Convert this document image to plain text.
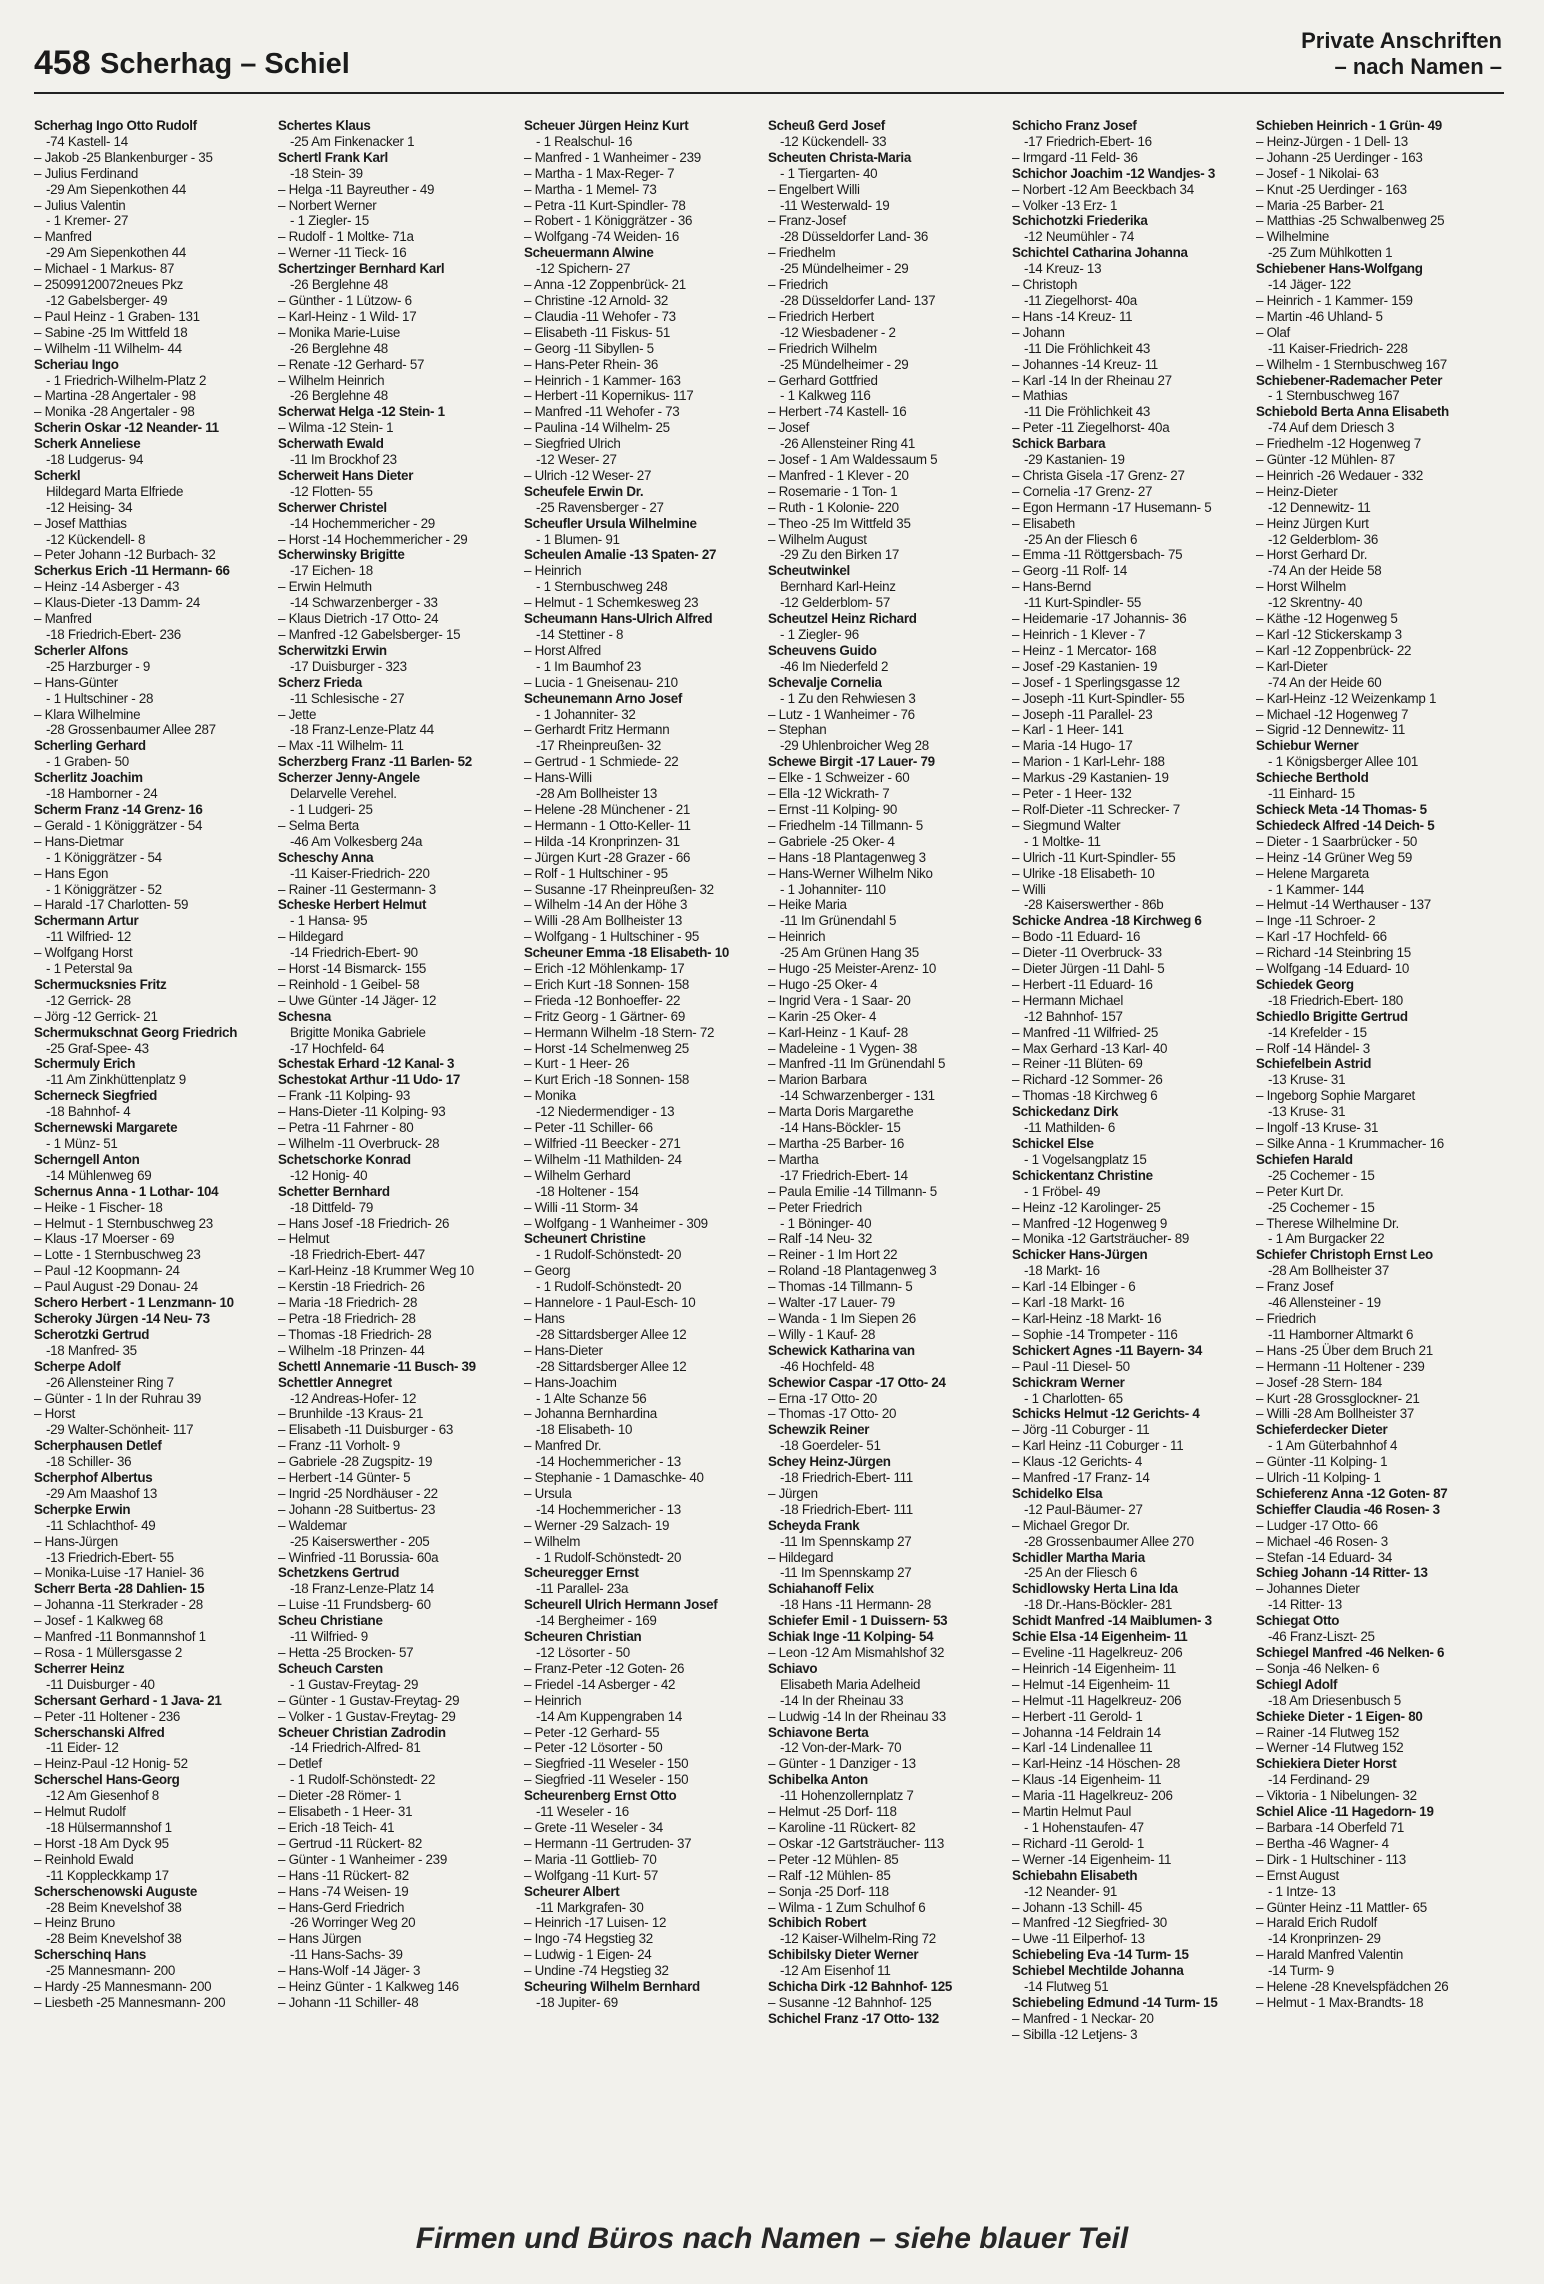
458 Scherhag – Schiel
Private Anschriften
– nach Namen –
Scherhag Ingo Otto Rudolf
-74 Kastell- 14
– Jakob -25 Blankenburger - 35
– Julius Ferdinand
-29 Am Siepenkothen 44
– Julius Valentin
- 1 Kremer- 27
– Manfred
-29 Am Siepenkothen 44
– Michael - 1 Markus- 87
– 25099120072neues Pkz
-12 Gabelsberger- 49
– Paul Heinz - 1 Graben- 131
– Sabine -25 Im Wittfeld 18
– Wilhelm -11 Wilhelm- 44
Scheriau Ingo
- 1 Friedrich-Wilhelm-Platz 2
– Martina -28 Angertaler - 98
– Monika -28 Angertaler - 98
Scherin Oskar -12 Neander- 11
Scherk Anneliese
-18 Ludgerus- 94
Scherkl
Hildegard Marta Elfriede
-12 Heising- 34
– Josef Matthias
-12 Kückendell- 8
– Peter Johann -12 Burbach- 32
Scherkus Erich -11 Hermann- 66
– Heinz -14 Asberger - 43
– Klaus-Dieter -13 Damm- 24
– Manfred
-18 Friedrich-Ebert- 236
Scherler Alfons
-25 Harzburger - 9
– Hans-Günter
- 1 Hultschiner - 28
– Klara Wilhelmine
-28 Grossenbaumer Allee 287
Scherling Gerhard
- 1 Graben- 50
Scherlitz Joachim
-18 Hamborner - 24
Scherm Franz -14 Grenz- 16
– Gerald - 1 Königgrätzer - 54
– Hans-Dietmar
- 1 Königgrätzer - 54
– Hans Egon
- 1 Königgrätzer - 52
– Harald -17 Charlotten- 59
Schermann Artur
-11 Wilfried- 12
– Wolfgang Horst
- 1 Peterstal 9a
Schermucksnies Fritz
-12 Gerrick- 28
– Jörg -12 Gerrick- 21
Schermukschnat Georg Friedrich
-25 Graf-Spee- 43
Schermuly Erich
-11 Am Zinkhüttenplatz 9
Scherneck Siegfried
-18 Bahnhof- 4
Schernewski Margarete
- 1 Münz- 51
Scherngell Anton
-14 Mühlenweg 69
Schernus Anna - 1 Lothar- 104
– Heike - 1 Fischer- 18
– Helmut - 1 Sternbuschweg 23
– Klaus -17 Moerser - 69
– Lotte - 1 Sternbuschweg 23
– Paul -12 Koopmann- 24
– Paul August -29 Donau- 24
Schero Herbert - 1 Lenzmann- 10
Scheroky Jürgen -14 Neu- 73
Scherotzki Gertrud
-18 Manfred- 35
Scherpe Adolf
-26 Allensteiner Ring 7
– Günter - 1 In der Ruhrau 39
– Horst
-29 Walter-Schönheit- 117
Scherphausen Detlef
-18 Schiller- 36
Scherphof Albertus
-29 Am Maashof 13
Scherpke Erwin
-11 Schlachthof- 49
– Hans-Jürgen
-13 Friedrich-Ebert- 55
– Monika-Luise -17 Haniel- 36
Scherr Berta -28 Dahlien- 15
– Johanna -11 Sterkrader - 28
– Josef - 1 Kalkweg 68
– Manfred -11 Bonmannshof 1
– Rosa - 1 Müllersgasse 2
Scherrer Heinz
-11 Duisburger - 40
Schersant Gerhard - 1 Java- 21
– Peter -11 Holtener - 236
Scherschanski Alfred
-11 Eider- 12
– Heinz-Paul -12 Honig- 52
Scherschel Hans-Georg
-12 Am Giesenhof 8
– Helmut Rudolf
-18 Hülsermannshof 1
– Horst -18 Am Dyck 95
– Reinhold Ewald
-11 Koppleckkamp 17
Scherschenowski Auguste
-28 Beim Knevelshof 38
– Heinz Bruno
-28 Beim Knevelshof 38
Scherschinq Hans
-25 Mannesmann- 200
– Hardy -25 Mannesmann- 200
– Liesbeth -25 Mannesmann- 200
Schertes Klaus
-25 Am Finkenacker 1
Schertl Frank Karl
-18 Stein- 39
– Helga -11 Bayreuther - 49
– Norbert Werner
- 1 Ziegler- 15
– Rudolf - 1 Moltke- 71a
– Werner -11 Tieck- 16
Schertzinger Bernhard Karl
-26 Berglehne 48
– Günther - 1 Lützow- 6
– Karl-Heinz - 1 Wild- 17
– Monika Marie-Luise
-26 Berglehne 48
– Renate -12 Gerhard- 57
– Wilhelm Heinrich
-26 Berglehne 48
Scherwat Helga -12 Stein- 1
– Wilma -12 Stein- 1
Scherwath Ewald
-11 Im Brockhof 23
Scherweit Hans Dieter
-12 Flotten- 55
Scherwer Christel
-14 Hochemmericher - 29
– Horst -14 Hochemmericher - 29
Scherwinsky Brigitte
-17 Eichen- 18
– Erwin Helmuth
-14 Schwarzenberger - 33
– Klaus Dietrich -17 Otto- 24
– Manfred -12 Gabelsberger- 15
Scherwitzki Erwin
-17 Duisburger - 323
Scherz Frieda
-11 Schlesische - 27
– Jette
-18 Franz-Lenze-Platz 44
– Max -11 Wilhelm- 11
Scherzberg Franz -11 Barlen- 52
Scherzer Jenny-Angele
Delarvelle Verehel.
- 1 Ludgeri- 25
– Selma Berta
-46 Am Volkesberg 24a
Scheschy Anna
-11 Kaiser-Friedrich- 220
– Rainer -11 Gestermann- 3
Scheske Herbert Helmut
- 1 Hansa- 95
– Hildegard
-14 Friedrich-Ebert- 90
– Horst -14 Bismarck- 155
– Reinhold - 1 Geibel- 58
– Uwe Günter -14 Jäger- 12
Schesna
Brigitte Monika Gabriele
-17 Hochfeld- 64
Schestak Erhard -12 Kanal- 3
Schestokat Arthur -11 Udo- 17
– Frank -11 Kolping- 93
– Hans-Dieter -11 Kolping- 93
– Petra -11 Fahrner - 80
– Wilhelm -11 Overbruck- 28
Schetschorke Konrad
-12 Honig- 40
Schetter Bernhard
-18 Dittfeld- 79
– Hans Josef -18 Friedrich- 26
– Helmut
-18 Friedrich-Ebert- 447
– Karl-Heinz -18 Krummer Weg 10
– Kerstin -18 Friedrich- 26
– Maria -18 Friedrich- 28
– Petra -18 Friedrich- 28
– Thomas -18 Friedrich- 28
– Wilhelm -18 Prinzen- 44
Schettl Annemarie -11 Busch- 39
Schettler Annegret
-12 Andreas-Hofer- 12
– Brunhilde -13 Kraus- 21
– Elisabeth -11 Duisburger - 63
– Franz -11 Vorholt- 9
– Gabriele -28 Zugspitz- 19
– Herbert -14 Günter- 5
– Ingrid -25 Nordhäuser - 22
– Johann -28 Suitbertus- 23
– Waldemar
-25 Kaiserswerther - 205
– Winfried -11 Borussia- 60a
Schetzkens Gertrud
-18 Franz-Lenze-Platz 14
– Luise -11 Frundsberg- 60
Scheu Christiane
-11 Wilfried- 9
– Hetta -25 Brocken- 57
Scheuch Carsten
- 1 Gustav-Freytag- 29
– Günter - 1 Gustav-Freytag- 29
– Volker - 1 Gustav-Freytag- 29
Scheuer Christian Zadrodin
-14 Friedrich-Alfred- 81
– Detlef
- 1 Rudolf-Schönstedt- 22
– Dieter -28 Römer- 1
– Elisabeth - 1 Heer- 31
– Erich -18 Teich- 41
– Gertrud -11 Rückert- 82
– Günter - 1 Wanheimer - 239
– Hans -11 Rückert- 82
– Hans -74 Weisen- 19
– Hans-Gerd Friedrich
-26 Worringer Weg 20
– Hans Jürgen
-11 Hans-Sachs- 39
– Hans-Wolf -14 Jäger- 3
– Heinz Günter - 1 Kalkweg 146
– Johann -11 Schiller- 48
Scheuer Jürgen Heinz Kurt
- 1 Realschul- 16
– Manfred - 1 Wanheimer - 239
– Martha - 1 Max-Reger- 7
– Martha - 1 Memel- 73
– Petra -11 Kurt-Spindler- 78
– Robert - 1 Königgrätzer - 36
– Wolfgang -74 Weiden- 16
Scheuermann Alwine
-12 Spichern- 27
– Anna -12 Zoppenbrück- 21
– Christine -12 Arnold- 32
– Claudia -11 Wehofer - 73
– Elisabeth -11 Fiskus- 51
– Georg -11 Sibyllen- 5
– Hans-Peter Rhein- 36
– Heinrich - 1 Kammer- 163
– Herbert -11 Kopernikus- 117
– Manfred -11 Wehofer - 73
– Paulina -14 Wilhelm- 25
– Siegfried Ulrich
-12 Weser- 27
– Ulrich -12 Weser- 27
Scheufele Erwin Dr.
-25 Ravensberger - 27
Scheufler Ursula Wilhelmine
- 1 Blumen- 91
Scheulen Amalie -13 Spaten- 27
– Heinrich
- 1 Sternbuschweg 248
– Helmut - 1 Schemkesweg 23
Scheumann Hans-Ulrich Alfred
-14 Stettiner - 8
– Horst Alfred
- 1 Im Baumhof 23
– Lucia - 1 Gneisenau- 210
Scheunemann Arno Josef
- 1 Johanniter- 32
– Gerhardt Fritz Hermann
-17 Rheinpreußen- 32
– Gertrud - 1 Schmiede- 22
– Hans-Willi
-28 Am Bollheister 13
– Helene -28 Münchener - 21
– Hermann - 1 Otto-Keller- 11
– Hilda -14 Kronprinzen- 31
– Jürgen Kurt -28 Grazer - 66
– Rolf - 1 Hultschiner - 95
– Susanne -17 Rheinpreußen- 32
– Wilhelm -14 An der Höhe 3
– Willi -28 Am Bollheister 13
– Wolfgang - 1 Hultschiner - 95
Scheuner Emma -18 Elisabeth- 10
– Erich -12 Möhlenkamp- 17
– Erich Kurt -18 Sonnen- 158
– Frieda -12 Bonhoeffer- 22
– Fritz Georg - 1 Gärtner- 69
– Hermann Wilhelm -18 Stern- 72
– Horst -14 Schelmenweg 25
– Kurt - 1 Heer- 26
– Kurt Erich -18 Sonnen- 158
– Monika
-12 Niedermendiger - 13
– Peter -11 Schiller- 66
– Wilfried -11 Beecker - 271
– Wilhelm -11 Mathilden- 24
– Wilhelm Gerhard
-18 Holtener - 154
– Willi -11 Storm- 34
– Wolfgang - 1 Wanheimer - 309
Scheunert Christine
- 1 Rudolf-Schönstedt- 20
– Georg
- 1 Rudolf-Schönstedt- 20
– Hannelore - 1 Paul-Esch- 10
– Hans
-28 Sittardsberger Allee 12
– Hans-Dieter
-28 Sittardsberger Allee 12
– Hans-Joachim
- 1 Alte Schanze 56
– Johanna Bernhardina
-18 Elisabeth- 10
– Manfred Dr.
-14 Hochemmericher - 13
– Stephanie - 1 Damaschke- 40
– Ursula
-14 Hochemmericher - 13
– Werner -29 Salzach- 19
– Wilhelm
- 1 Rudolf-Schönstedt- 20
Scheuregger Ernst
-11 Parallel- 23a
Scheurell Ulrich Hermann Josef
-14 Bergheimer - 169
Scheuren Christian
-12 Lösorter - 50
– Franz-Peter -12 Goten- 26
– Friedel -14 Asberger - 42
– Heinrich
-14 Am Kuppengraben 14
– Peter -12 Gerhard- 55
– Peter -12 Lösorter - 50
– Siegfried -11 Weseler - 150
– Siegfried -11 Weseler - 150
Scheurenberg Ernst Otto
-11 Weseler - 16
– Grete -11 Weseler - 34
– Hermann -11 Gertruden- 37
– Maria -11 Gottlieb- 70
– Wolfgang -11 Kurt- 57
Scheurer Albert
-11 Markgrafen- 30
– Heinrich -17 Luisen- 12
– Ingo -74 Hegstieg 32
– Ludwig - 1 Eigen- 24
– Undine -74 Hegstieg 32
Scheuring Wilhelm Bernhard
-18 Jupiter- 69
Scheuß Gerd Josef
-12 Kückendell- 33
Scheuten Christa-Maria
- 1 Tiergarten- 40
– Engelbert Willi
-11 Westerwald- 19
– Franz-Josef
-28 Düsseldorfer Land- 36
– Friedhelm
-25 Mündelheimer - 29
– Friedrich
-28 Düsseldorfer Land- 137
– Friedrich Herbert
-12 Wiesbadener - 2
– Friedrich Wilhelm
-25 Mündelheimer - 29
– Gerhard Gottfried
- 1 Kalkweg 116
– Herbert -74 Kastell- 16
– Josef
-26 Allensteiner Ring 41
– Josef - 1 Am Waldessaum 5
– Manfred - 1 Klever - 20
– Rosemarie - 1 Ton- 1
– Ruth - 1 Kolonie- 220
– Theo -25 Im Wittfeld 35
– Wilhelm August
-29 Zu den Birken 17
Scheutwinkel
Bernhard Karl-Heinz
-12 Gelderblom- 57
Scheutzel Heinz Richard
- 1 Ziegler- 96
Scheuvens Guido
-46 Im Niederfeld 2
Schevalje Cornelia
- 1 Zu den Rehwiesen 3
– Lutz - 1 Wanheimer - 76
– Stephan
-29 Uhlenbroicher Weg 28
Schewe Birgit -17 Lauer- 79
– Elke - 1 Schweizer - 60
– Ella -12 Wickrath- 7
– Ernst -11 Kolping- 90
– Friedhelm -14 Tillmann- 5
– Gabriele -25 Oker- 4
– Hans -18 Plantagenweg 3
– Hans-Werner Wilhelm Niko
- 1 Johanniter- 110
– Heike Maria
-11 Im Grünendahl 5
– Heinrich
-25 Am Grünen Hang 35
– Hugo -25 Meister-Arenz- 10
– Hugo -25 Oker- 4
– Ingrid Vera - 1 Saar- 20
– Karin -25 Oker- 4
– Karl-Heinz - 1 Kauf- 28
– Madeleine - 1 Vygen- 38
– Manfred -11 Im Grünendahl 5
– Marion Barbara
-14 Schwarzenberger - 131
– Marta Doris Margarethe
-14 Hans-Böckler- 15
– Martha -25 Barber- 16
– Martha
-17 Friedrich-Ebert- 14
– Paula Emilie -14 Tillmann- 5
– Peter Friedrich
- 1 Böninger- 40
– Ralf -14 Neu- 32
– Reiner - 1 Im Hort 22
– Roland -18 Plantagenweg 3
– Thomas -14 Tillmann- 5
– Walter -17 Lauer- 79
– Wanda - 1 Im Siepen 26
– Willy - 1 Kauf- 28
Schewick Katharina van
-46 Hochfeld- 48
Schewior Caspar -17 Otto- 24
– Erna -17 Otto- 20
– Thomas -17 Otto- 20
Schewzik Reiner
-18 Goerdeler- 51
Schey Heinz-Jürgen
-18 Friedrich-Ebert- 111
– Jürgen
-18 Friedrich-Ebert- 111
Scheyda Frank
-11 Im Spennskamp 27
– Hildegard
-11 Im Spennskamp 27
Schiahanoff Felix
-18 Hans -11 Hermann- 28
Schiefer Emil - 1 Duissern- 53
Schiak Inge -11 Kolping- 54
– Leon -12 Am Mismahlshof 32
Schiavo
Elisabeth Maria Adelheid
-14 In der Rheinau 33
– Ludwig -14 In der Rheinau 33
Schiavone Berta
-12 Von-der-Mark- 70
– Günter - 1 Danziger - 13
Schibelka Anton
-11 Hohenzollernplatz 7
– Helmut -25 Dorf- 118
– Karoline -11 Rückert- 82
– Oskar -12 Gartsträucher- 113
– Peter -12 Mühlen- 85
– Ralf -12 Mühlen- 85
– Sonja -25 Dorf- 118
– Wilma - 1 Zum Schulhof 6
Schibich Robert
-12 Kaiser-Wilhelm-Ring 72
Schibilsky Dieter Werner
-12 Am Eisenhof 11
Schicha Dirk -12 Bahnhof- 125
– Susanne -12 Bahnhof- 125
Schichel Franz -17 Otto- 132
Schicho Franz Josef
-17 Friedrich-Ebert- 16
– Irmgard -11 Feld- 36
Schichor Joachim -12 Wandjes- 3
– Norbert -12 Am Beeckbach 34
– Volker -13 Erz- 1
Schichotzki Friederika
-12 Neumühler - 74
Schichtel Catharina Johanna
-14 Kreuz- 13
– Christoph
-11 Ziegelhorst- 40a
– Hans -14 Kreuz- 11
– Johann
-11 Die Fröhlichkeit 43
– Johannes -14 Kreuz- 11
– Karl -14 In der Rheinau 27
– Mathias
-11 Die Fröhlichkeit 43
– Peter -11 Ziegelhorst- 40a
Schick Barbara
-29 Kastanien- 19
– Christa Gisela -17 Grenz- 27
– Cornelia -17 Grenz- 27
– Egon Hermann -17 Husemann- 5
– Elisabeth
-25 An der Fliesch 6
– Emma -11 Röttgersbach- 75
– Georg -11 Rolf- 14
– Hans-Bernd
-11 Kurt-Spindler- 55
– Heidemarie -17 Johannis- 36
– Heinrich - 1 Klever - 7
– Heinz - 1 Mercator- 168
– Josef -29 Kastanien- 19
– Josef - 1 Sperlingsgasse 12
– Joseph -11 Kurt-Spindler- 55
– Joseph -11 Parallel- 23
– Karl - 1 Heer- 141
– Maria -14 Hugo- 17
– Marion - 1 Karl-Lehr- 188
– Markus -29 Kastanien- 19
– Peter - 1 Heer- 132
– Rolf-Dieter -11 Schrecker- 7
– Siegmund Walter
- 1 Moltke- 11
– Ulrich -11 Kurt-Spindler- 55
– Ulrike -18 Elisabeth- 10
– Willi
-28 Kaiserswerther - 86b
Schicke Andrea -18 Kirchweg 6
– Bodo -11 Eduard- 16
– Dieter -11 Overbruck- 33
– Dieter Jürgen -11 Dahl- 5
– Herbert -11 Eduard- 16
– Hermann Michael
-12 Bahnhof- 157
– Manfred -11 Wilfried- 25
– Max Gerhard -13 Karl- 40
– Reiner -11 Blüten- 69
– Richard -12 Sommer- 26
– Thomas -18 Kirchweg 6
Schickedanz Dirk
-11 Mathilden- 6
Schickel Else
- 1 Vogelsangplatz 15
Schickentanz Christine
- 1 Fröbel- 49
– Heinz -12 Karolinger- 25
– Manfred -12 Hogenweg 9
– Monika -12 Gartsträucher- 89
Schicker Hans-Jürgen
-18 Markt- 16
– Karl -14 Elbinger - 6
– Karl -18 Markt- 16
– Karl-Heinz -18 Markt- 16
– Sophie -14 Trompeter - 116
Schickert Agnes -11 Bayern- 34
– Paul -11 Diesel- 50
Schickram Werner
- 1 Charlotten- 65
Schicks Helmut -12 Gerichts- 4
– Jörg -11 Coburger - 11
– Karl Heinz -11 Coburger - 11
– Klaus -12 Gerichts- 4
– Manfred -17 Franz- 14
Schidelko Elsa
-12 Paul-Bäumer- 27
– Michael Gregor Dr.
-28 Grossenbaumer Allee 270
Schidler Martha Maria
-25 An der Fliesch 6
Schidlowsky Herta Lina Ida
-18 Dr.-Hans-Böckler- 281
Schidt Manfred -14 Maiblumen- 3
Schie Elsa -14 Eigenheim- 11
– Eveline -11 Hagelkreuz- 206
– Heinrich -14 Eigenheim- 11
– Helmut -14 Eigenheim- 11
– Helmut -11 Hagelkreuz- 206
– Herbert -11 Gerold- 1
– Johanna -14 Feldrain 14
– Karl -14 Lindenallee 11
– Karl-Heinz -14 Höschen- 28
– Klaus -14 Eigenheim- 11
– Maria -11 Hagelkreuz- 206
– Martin Helmut Paul
- 1 Hohenstaufen- 47
– Richard -11 Gerold- 1
– Werner -14 Eigenheim- 11
Schiebahn Elisabeth
-12 Neander- 91
– Johann -13 Schill- 45
– Manfred -12 Siegfried- 30
– Uwe -11 Eilperhof- 13
Schiebeling Eva -14 Turm- 15
Schiebel Mechtilde Johanna
-14 Flutweg 51
Schiebeling Edmund -14 Turm- 15
– Manfred - 1 Neckar- 20
– Sibilla -12 Letjens- 3
Schieben Heinrich - 1 Grün- 49
– Heinz-Jürgen - 1 Dell- 13
– Johann -25 Uerdinger - 163
– Josef - 1 Nikolai- 63
– Knut -25 Uerdinger - 163
– Maria -25 Barber- 21
– Matthias -25 Schwalbenweg 25
– Wilhelmine
-25 Zum Mühlkotten 1
Schiebener Hans-Wolfgang
-14 Jäger- 122
– Heinrich - 1 Kammer- 159
– Martin -46 Uhland- 5
– Olaf
-11 Kaiser-Friedrich- 228
– Wilhelm - 1 Sternbuschweg 167
Schiebener-Rademacher Peter
- 1 Sternbuschweg 167
Schiebold Berta Anna Elisabeth
-74 Auf dem Driesch 3
– Friedhelm -12 Hogenweg 7
– Günter -12 Mühlen- 87
– Heinrich -26 Wedauer - 332
– Heinz-Dieter
-12 Dennewitz- 11
– Heinz Jürgen Kurt
-12 Gelderblom- 36
– Horst Gerhard Dr.
-74 An der Heide 58
– Horst Wilhelm
-12 Skrentny- 40
– Käthe -12 Hogenweg 5
– Karl -12 Stickerskamp 3
– Karl -12 Zoppenbrück- 22
– Karl-Dieter
-74 An der Heide 60
– Karl-Heinz -12 Weizenkamp 1
– Michael -12 Hogenweg 7
– Sigrid -12 Dennewitz- 11
Schiebur Werner
- 1 Königsberger Allee 101
Schieche Berthold
-11 Einhard- 15
Schieck Meta -14 Thomas- 5
Schiedeck Alfred -14 Deich- 5
– Dieter - 1 Saarbrücker - 50
– Heinz -14 Grüner Weg 59
– Helene Margareta
- 1 Kammer- 144
– Helmut -14 Werthauser - 137
– Inge -11 Schroer- 2
– Karl -17 Hochfeld- 66
– Richard -14 Steinbring 15
– Wolfgang -14 Eduard- 10
Schiedek Georg
-18 Friedrich-Ebert- 180
Schiedlo Brigitte Gertrud
-14 Krefelder - 15
– Rolf -14 Händel- 3
Schiefelbein Astrid
-13 Kruse- 31
– Ingeborg Sophie Margaret
-13 Kruse- 31
– Ingolf -13 Kruse- 31
– Silke Anna - 1 Krummacher- 16
Schiefen Harald
-25 Cochemer - 15
– Peter Kurt Dr.
-25 Cochemer - 15
– Therese Wilhelmine Dr.
- 1 Am Burgacker 22
Schiefer Christoph Ernst Leo
-28 Am Bollheister 37
– Franz Josef
-46 Allensteiner - 19
– Friedrich
-11 Hamborner Altmarkt 6
– Hans -25 Über dem Bruch 21
– Hermann -11 Holtener - 239
– Josef -28 Stern- 184
– Kurt -28 Grossglockner- 21
– Willi -28 Am Bollheister 37
Schieferdecker Dieter
- 1 Am Güterbahnhof 4
– Günter -11 Kolping- 1
– Ulrich -11 Kolping- 1
Schieferenz Anna -12 Goten- 87
Schieffer Claudia -46 Rosen- 3
– Ludger -17 Otto- 66
– Michael -46 Rosen- 3
– Stefan -14 Eduard- 34
Schieg Johann -14 Ritter- 13
– Johannes Dieter
-14 Ritter- 13
Schiegat Otto
-46 Franz-Liszt- 25
Schiegel Manfred -46 Nelken- 6
– Sonja -46 Nelken- 6
Schiegl Adolf
-18 Am Driesenbusch 5
Schieke Dieter - 1 Eigen- 80
– Rainer -14 Flutweg 152
– Werner -14 Flutweg 152
Schiekiera Dieter Horst
-14 Ferdinand- 29
– Viktoria - 1 Nibelungen- 32
Schiel Alice -11 Hagedorn- 19
– Barbara -14 Oberfeld 71
– Bertha -46 Wagner- 4
– Dirk - 1 Hultschiner - 113
– Ernst August
- 1 Intze- 13
– Günter Heinz -11 Mattler- 65
– Harald Erich Rudolf
-14 Kronprinzen- 29
– Harald Manfred Valentin
-14 Turm- 9
– Helene -28 Knevelspfädchen 26
– Helmut - 1 Max-Brandts- 18
Firmen und Büros nach Namen – siehe blauer Teil
